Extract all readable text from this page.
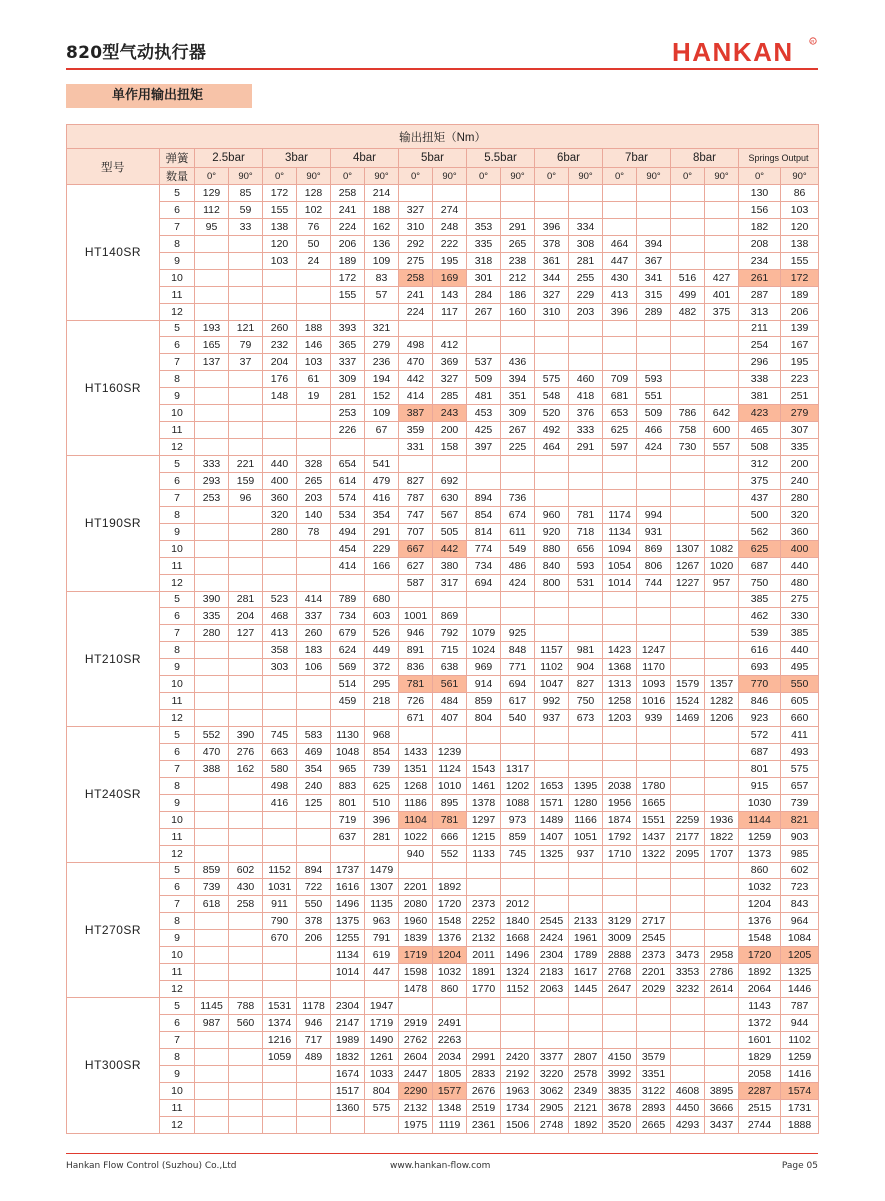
820型气动执行器	HANKAN	R
单作用输出扭矩
输出扭矩（Nm）																			
型号	弹簧	2.5bar		3bar		4bar		5bar		5.5bar		6bar		7bar		8bar		Springs Output	
	数量	0°	90°	0°	90°	0°	90°	0°	90°	0°	90°	0°	90°	0°	90°	0°	90°	0°	90°
HT140SR	5	129	85	172	128	258	214											130	86
	6	112	59	155	102	241	188	327	274									156	103
	7	95	33	138	76	224	162	310	248	353	291	396	334					182	120
	8			120	50	206	136	292	222	335	265	378	308	464	394			208	138
	9			103	24	189	109	275	195	318	238	361	281	447	367			234	155
	10					172	83	258	169	301	212	344	255	430	341	516	427	261	172
	11					155	57	241	143	284	186	327	229	413	315	499	401	287	189
	12							224	117	267	160	310	203	396	289	482	375	313	206
HT160SR	5	193	121	260	188	393	321											211	139
	6	165	79	232	146	365	279	498	412									254	167
	7	137	37	204	103	337	236	470	369	537	436							296	195
	8			176	61	309	194	442	327	509	394	575	460	709	593			338	223
	9			148	19	281	152	414	285	481	351	548	418	681	551			381	251
	10					253	109	387	243	453	309	520	376	653	509	786	642	423	279
	11					226	67	359	200	425	267	492	333	625	466	758	600	465	307
	12							331	158	397	225	464	291	597	424	730	557	508	335
HT190SR	5	333	221	440	328	654	541											312	200
	6	293	159	400	265	614	479	827	692									375	240
	7	253	96	360	203	574	416	787	630	894	736							437	280
	8			320	140	534	354	747	567	854	674	960	781	1174	994			500	320
	9			280	78	494	291	707	505	814	611	920	718	1134	931			562	360
	10					454	229	667	442	774	549	880	656	1094	869	1307	1082	625	400
	11					414	166	627	380	734	486	840	593	1054	806	1267	1020	687	440
	12							587	317	694	424	800	531	1014	744	1227	957	750	480
HT210SR	5	390	281	523	414	789	680											385	275
	6	335	204	468	337	734	603	1001	869									462	330
	7	280	127	413	260	679	526	946	792	1079	925							539	385
	8			358	183	624	449	891	715	1024	848	1157	981	1423	1247			616	440
	9			303	106	569	372	836	638	969	771	1102	904	1368	1170			693	495
	10					514	295	781	561	914	694	1047	827	1313	1093	1579	1357	770	550
	11					459	218	726	484	859	617	992	750	1258	1016	1524	1282	846	605
	12							671	407	804	540	937	673	1203	939	1469	1206	923	660
HT240SR	5	552	390	745	583	1130	968											572	411
	6	470	276	663	469	1048	854	1433	1239									687	493
	7	388	162	580	354	965	739	1351	1124	1543	1317							801	575
	8			498	240	883	625	1268	1010	1461	1202	1653	1395	2038	1780			915	657
	9			416	125	801	510	1186	895	1378	1088	1571	1280	1956	1665			1030	739
	10					719	396	1104	781	1297	973	1489	1166	1874	1551	2259	1936	1144	821
	11					637	281	1022	666	1215	859	1407	1051	1792	1437	2177	1822	1259	903
	12							940	552	1133	745	1325	937	1710	1322	2095	1707	1373	985
HT270SR	5	859	602	1152	894	1737	1479											860	602
	6	739	430	1031	722	1616	1307	2201	1892									1032	723
	7	618	258	911	550	1496	1135	2080	1720	2373	2012							1204	843
	8			790	378	1375	963	1960	1548	2252	1840	2545	2133	3129	2717			1376	964
	9			670	206	1255	791	1839	1376	2132	1668	2424	1961	3009	2545			1548	1084
	10					1134	619	1719	1204	2011	1496	2304	1789	2888	2373	3473	2958	1720	1205
	11					1014	447	1598	1032	1891	1324	2183	1617	2768	2201	3353	2786	1892	1325
	12							1478	860	1770	1152	2063	1445	2647	2029	3232	2614	2064	1446
HT300SR	5	1145	788	1531	1178	2304	1947											1143	787
	6	987	560	1374	946	2147	1719	2919	2491									1372	944
	7			1216	717	1989	1490	2762	2263									1601	1102
	8			1059	489	1832	1261	2604	2034	2991	2420	3377	2807	4150	3579			1829	1259
	9					1674	1033	2447	1805	2833	2192	3220	2578	3992	3351			2058	1416
	10					1517	804	2290	1577	2676	1963	3062	2349	3835	3122	4608	3895	2287	1574
	11					1360	575	2132	1348	2519	1734	2905	2121	3678	2893	4450	3666	2515	1731
	12							1975	1119	2361	1506	2748	1892	3520	2665	4293	3437	2744	1888
Hankan Flow Control (Suzhou) Co.,Ltd	www.hankan-flow.com	Page 05
